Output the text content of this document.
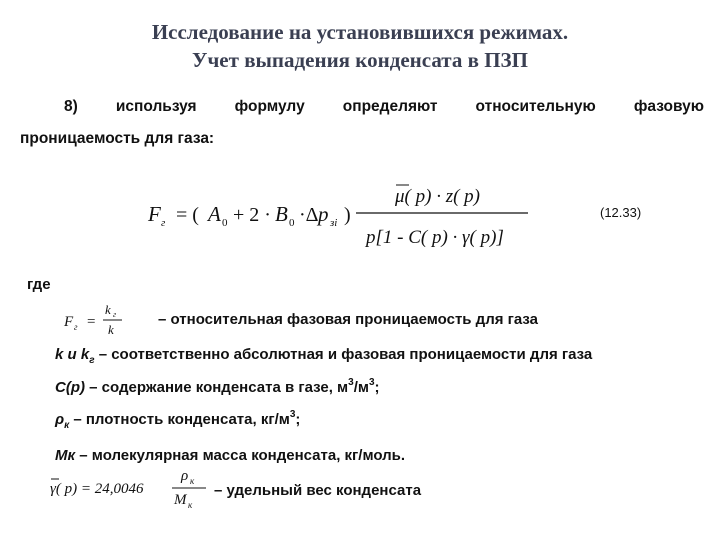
Исследование на установившихся режимах.
Учет выпадения конденсата в ПЗП
8) используя формулу определяют относительную фазовую
проницаемость для газа:
F г = ( A 0 + 2 · B 0 ·Δ p зi )
μ( p) · z( p)
p[1 - C( p) · γ( p)]
(12.33)
где
F г =
k г
k
– относительная фазовая проницаемость для газа
k и $k_г$ – соответственно абсолютная и фазовая проницаемости для газа
C(p) – содержание конденсата в газе, $м^3/м^3$;
$\rho_к$ – плотность конденсата, $кг/м^3$;
Мк – молекулярная масса конденсата, кг/моль.
γ( p) = 24,0046
ρ к
M к
– удельный вес конденсата
